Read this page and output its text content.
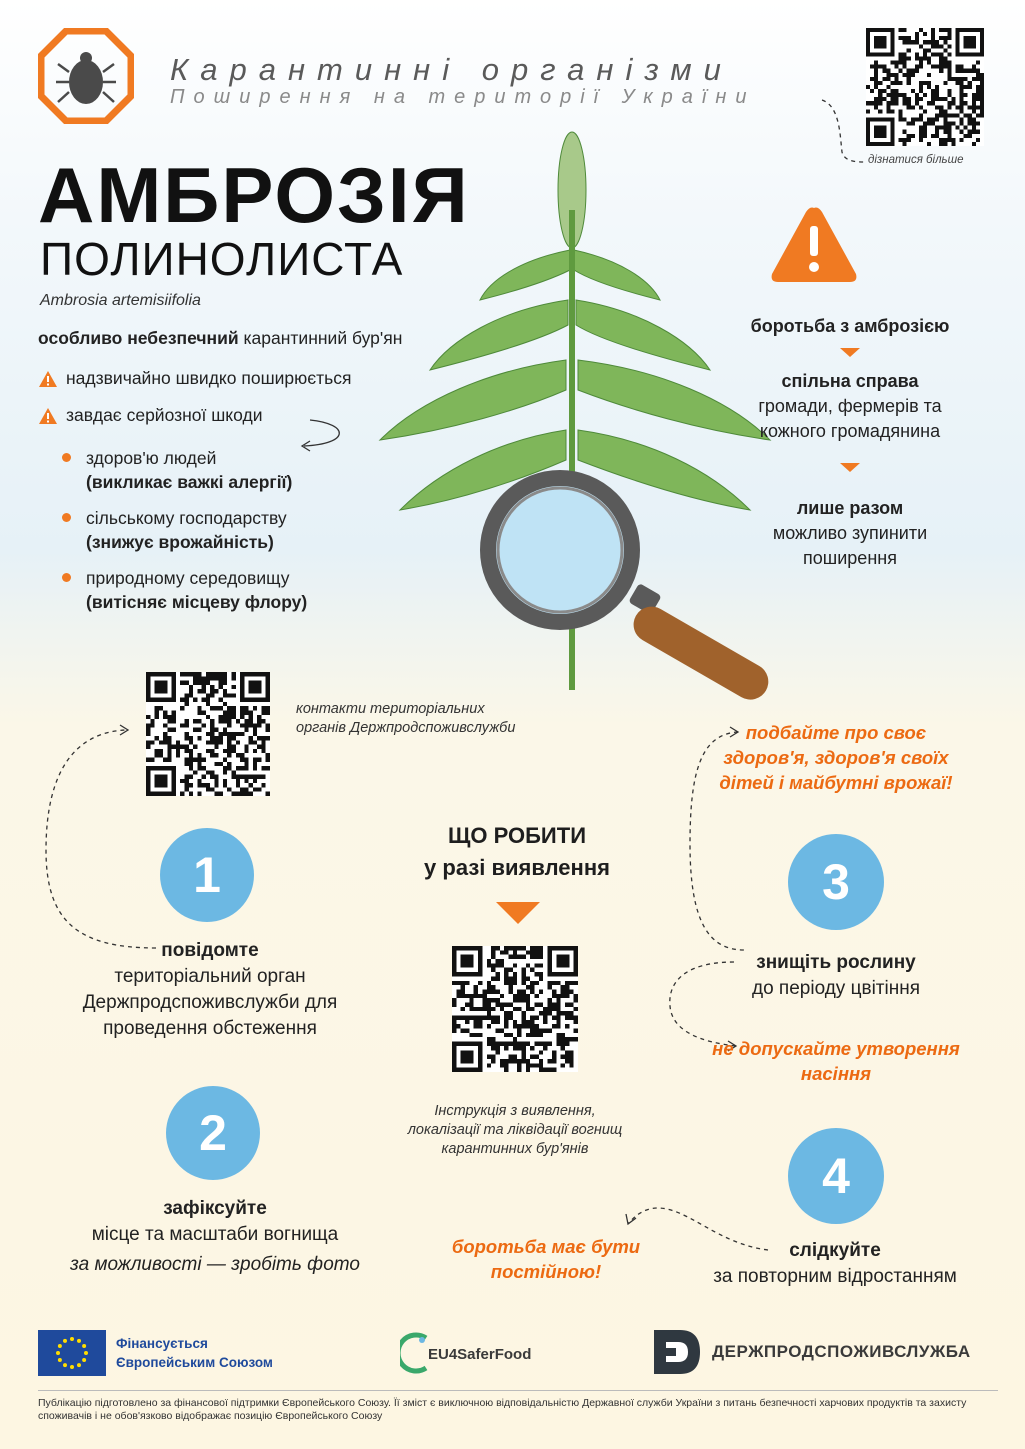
Карантинні організми
Поширення на території України
дізнатися більше
АМБРОЗІЯ
ПОЛИНОЛИСТА
Ambrosia artemisiifolia
особливо небезпечний карантинний бур'ян
надзвичайно швидко поширюється
завдає серйозної шкоди
здоров'ю людей
(викликає важкі алергії)
сільському господарству
(знижує врожайність)
природному середовищу
(витісняє місцеву флору)
боротьба з амброзією
спільна справа
громади, фермерів та кожного громадянина
лише разом
можливо зупинити поширення
контакти територіальних органів Держпродспоживслужби
1
повідомте
територіальний орган Держпродспоживслужби для проведення обстеження
2
зафіксуйте
місце та масштаби вогнища
за можливості — зробіть фото
ЩО РОБИТИ
у разі виявлення
Інструкція з виявлення, локалізації та ліквідації вогнищ карантинних бур'янів
подбайте про своє здоров'я, здоров'я своїх дітей і майбутні врожаї!
3
знищіть рослину
до періоду цвітіння
не допускайте утворення насіння
4
слідкуйте
за повторним відростанням
боротьба має бути постійною!
Фінансується
Європейським Союзом	EU4SaferFood	ДЕРЖПРОДСПОЖИВСЛУЖБА
Публікацію підготовлено за фінансової підтримки Європейського Союзу. Її зміст є виключною відповідальністю Державної служби України з питань безпечності харчових продуктів та захисту споживачів і не обов'язково відображає позицію Європейського Союзу
